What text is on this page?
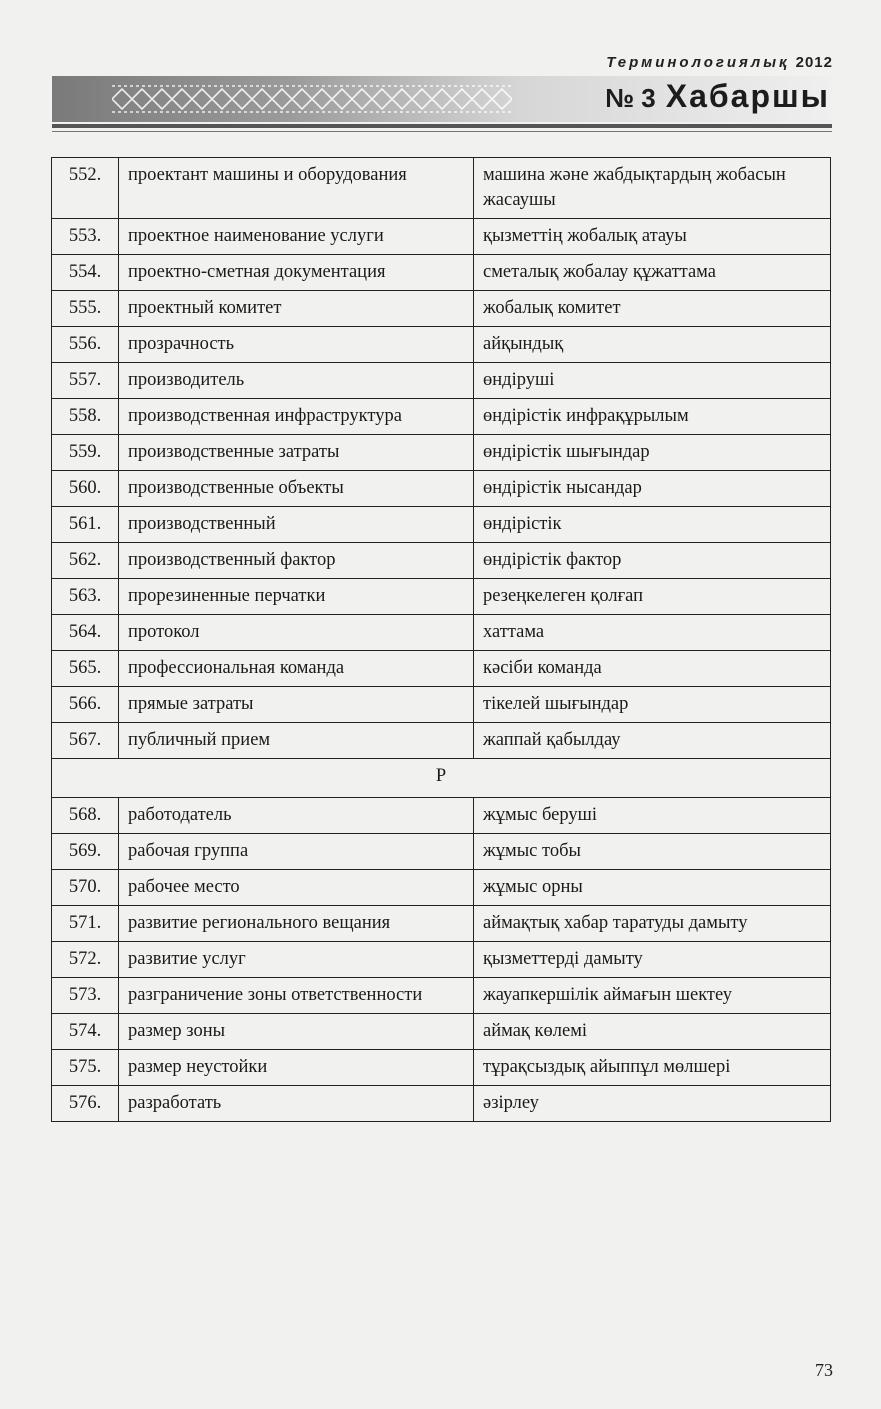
Терминологиялық 2012
№ 3 Хабаршы
552.	проектант машины и оборудования	машина және жабдықтардың жобасын жасаушы
553.	проектное наименование услуги	қызметтің жобалық атауы
554.	проектно-сметная документация	сметалық жобалау құжаттама
555.	проектный комитет	жобалық комитет
556.	прозрачность	айқындық
557.	производитель	өндіруші
558.	производственная инфраструктура	өндірістік инфрақұрылым
559.	производственные затраты	өндірістік шығындар
560.	производственные объекты	өндірістік нысандар
561.	производственный	өндірістік
562.	производственный фактор	өндірістік фактор
563.	прорезиненные перчатки	резеңкелеген қолғап
564.	протокол	хаттама
565.	профессиональная команда	кәсіби команда
566.	прямые затраты	тікелей шығындар
567.	публичный прием	жаппай қабылдау
Р		
568.	работодатель	жұмыс беруші
569.	рабочая группа	жұмыс тобы
570.	рабочее место	жұмыс орны
571.	развитие регионального вещания	аймақтық хабар таратуды дамыту
572.	развитие услуг	қызметтерді дамыту
573.	разграничение зоны ответственности	жауапкершілік аймағын шектеу
574.	размер зоны	аймақ көлемі
575.	размер неустойки	тұрақсыздық айыппұл мөлшері
576.	разработать	әзірлеу
73
